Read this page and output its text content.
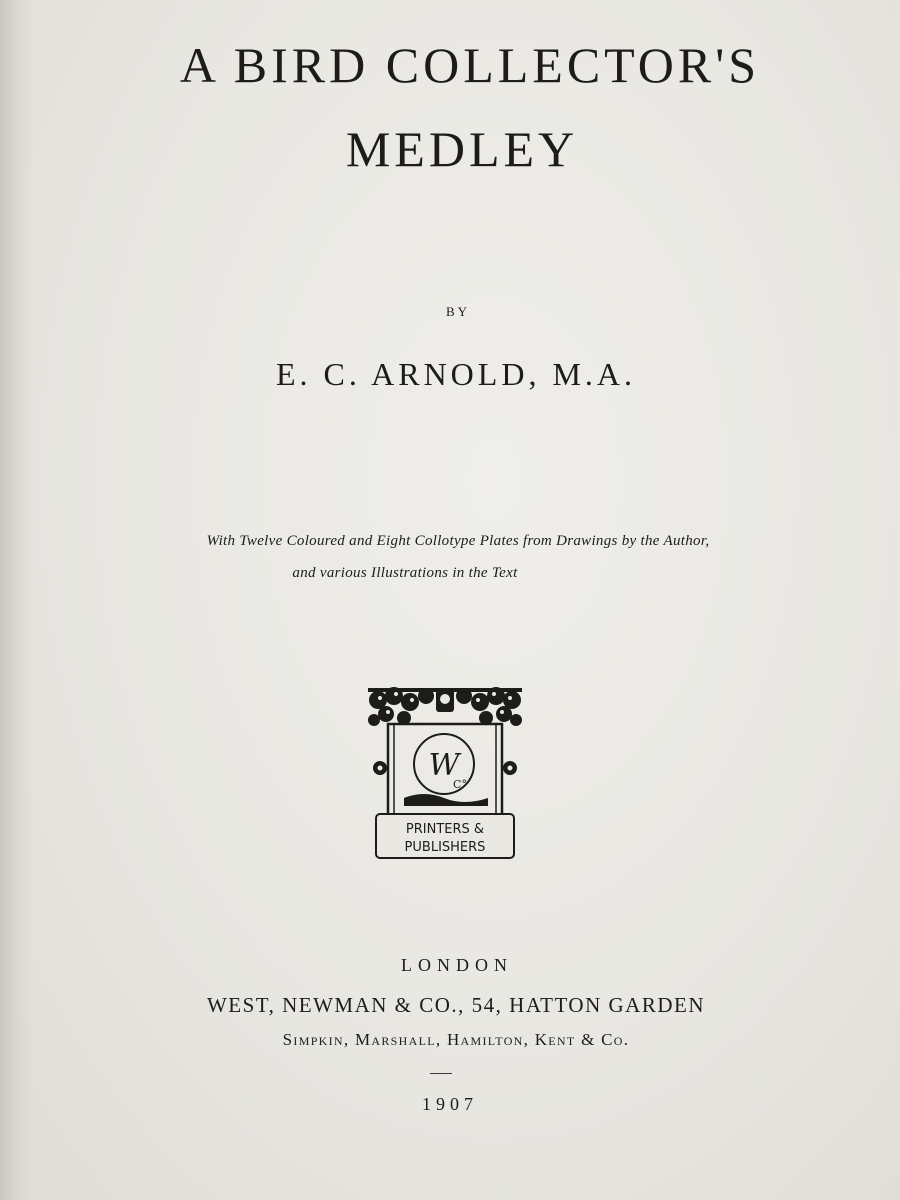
A BIRD COLLECTOR'S
MEDLEY
BY
E. C. ARNOLD, M.A.
With Twelve Coloured and Eight Collotype Plates from Drawings by the Author,
and various Illustrations in the Text
W
C°
PRINTERS &
PUBLISHERS
LONDON
WEST, NEWMAN & CO., 54, HATTON GARDEN
Simpkin, Marshall, Hamilton, Kent & Co.
1907
